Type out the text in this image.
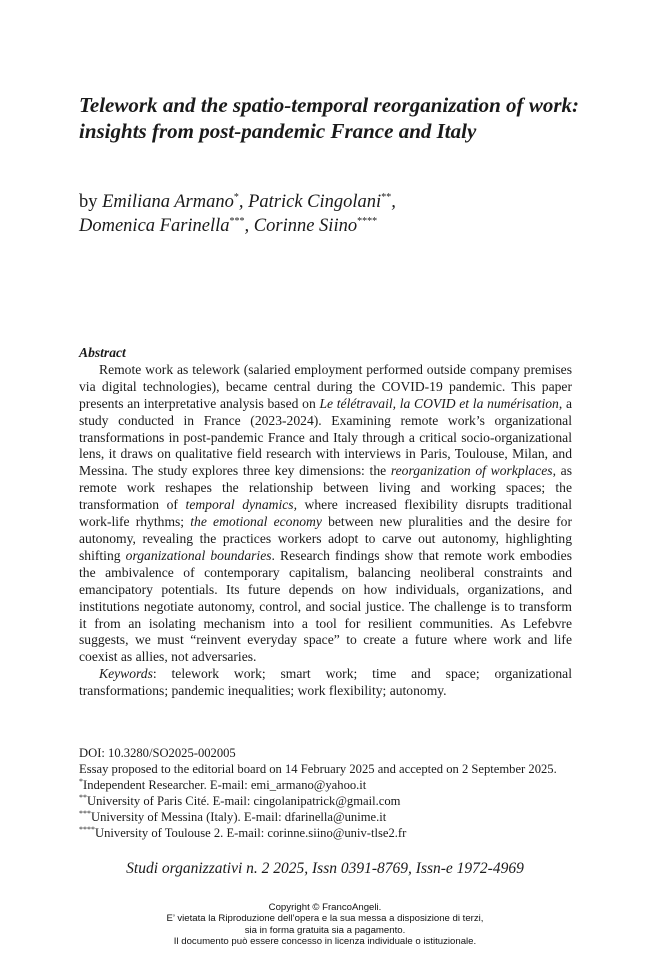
Telework and the spatio-temporal reorganization of work: insights from post-pandemic France and Italy
by Emiliana Armano*, Patrick Cingolani**,
Domenica Farinella***, Corinne Siino****
Abstract

Remote work as telework (salaried employment performed outside company premises via digital technologies), became central during the COVID-19 pandemic. This paper presents an interpretative analysis based on Le télétravail, la COVID et la numérisation, a study conducted in France (2023-2024). Examining remote work’s organizational transformations in post-pandemic France and Italy through a critical socio-organizational lens, it draws on qualitative field research with interviews in Paris, Toulouse, Milan, and Messina. The study explores three key dimensions: the reorganization of workplaces, as remote work reshapes the relationship between living and working spaces; the transformation of temporal dynamics, where increased flexibility disrupts traditional work-life rhythms; the emotional economy between new pluralities and the desire for autonomy, revealing the practices workers adopt to carve out autonomy, highlighting shifting organizational boundaries. Research findings show that remote work embodies the ambivalence of contemporary capitalism, balancing neoliberal constraints and emancipatory potentials. Its future depends on how individuals, organizations, and institutions negotiate autonomy, control, and social justice. The challenge is to transform it from an isolating mechanism into a tool for resilient communities. As Lefebvre suggests, we must “reinvent everyday space” to create a future where work and life coexist as allies, not adversaries.

Keywords: telework work; smart work; time and space; organizational transformations; pandemic inequalities; work flexibility; autonomy.

DOI: 10.3280/SO2025-002005
Essay proposed to the editorial board on 14 February 2025 and accepted on 2 September 2025.
*Independent Researcher. E-mail: emi_armano@yahoo.it
**University of Paris Cité. E-mail: cingolanipatrick@gmail.com
***University of Messina (Italy). E-mail: dfarinella@unime.it
****University of Toulouse 2. E-mail: corinne.siino@univ-tlse2.fr

Studi organizzativi n. 2 2025, Issn 0391-8769, Issn-e 1972-4969

Copyright © FrancoAngeli.
E’ vietata la Riproduzione dell’opera e la sua messa a disposizione di terzi,
sia in forma gratuita sia a pagamento.
Il documento può essere concesso in licenza individuale o istituzionale.
